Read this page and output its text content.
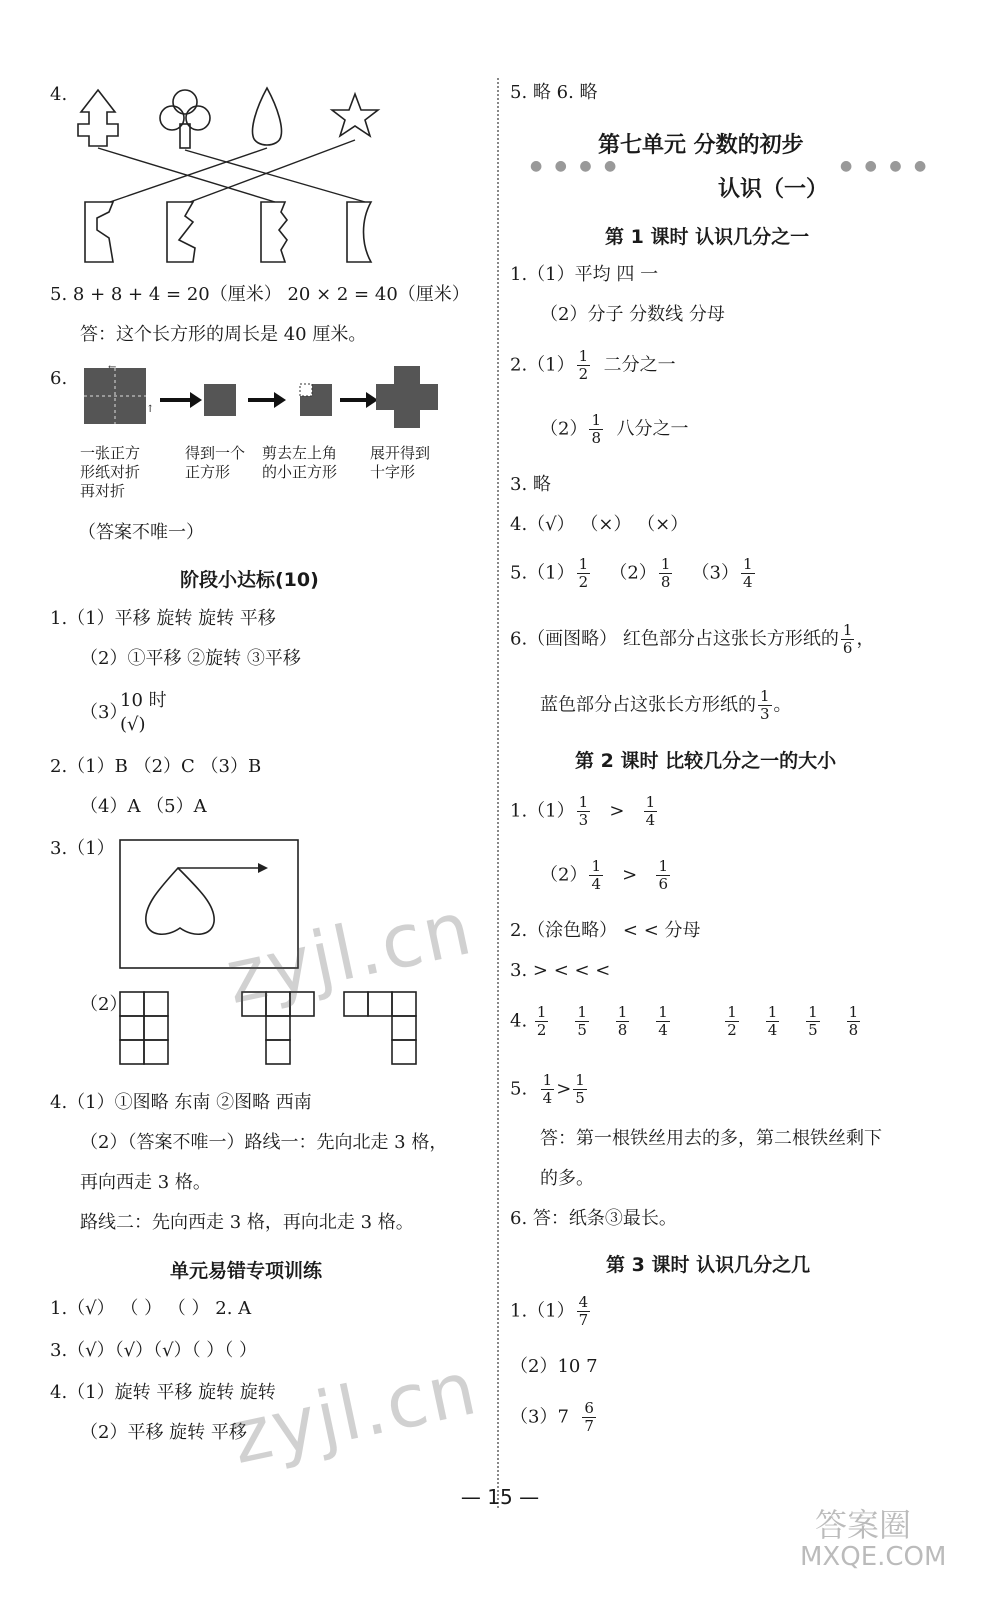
4.
5. 8 + 8 + 4 = 20（厘米） 20 × 2 = 40（厘米）
答：这个长方形的周长是 40 厘米。
6.
←
↑
一张正方
形纸对折
再对折
得到一个
正方形
剪去左上角
的小正方形
展开得到
十字形
（答案不唯一）
阶段小达标(10)
1.（1）平移 旋转 旋转 平移
（2）①平移 ②旋转 ③平移
（3）
10 时
(√)
2.（1）B （2）C （3）B
（4）A （5）A
3.（1）
（2）
4.（1）①图略 东南 ②图略 西南
（2）（答案不唯一）路线一：先向北走 3 格，
再向西走 3 格。
路线二：先向西走 3 格，再向北走 3 格。
单元易错专项训练
1.（√） （ ） （ ） 2. A
3.（√）（√）（√）（ ）（ ）
4.（1）旋转 平移 旋转 旋转
（2）平移 旋转 平移
5. 略 6. 略
第七单元 分数的初步
● ● ● ●	● ● ● ●
认识（一）
第 1 课时 认识几分之一
1.（1）平均 四 一
（2）分子 分数线 分母
$2.(1) \frac{1}{2}$ 二分之一
$(2) \frac{1}{8}$ 八分之一
3. 略
4.（√） （×） （×）
$5.(1) \frac{1}{2} (2) \frac{1}{8} (3) \frac{1}{4}$
6.（画图略） 红色部分占这张长方形纸的 $\frac{1}{6}$ ，
蓝色部分占这张长方形纸的 $\frac{1}{3}$ 。
第 2 课时 比较几分之一的大小
$1.(1) \frac{1}{3} > \frac{1}{4}$
$(2) \frac{1}{4} > \frac{1}{6}$
2.（涂色略） < < 分母
3. > < < <
4. $\frac{1}{2}$
$\frac{1}{5}$
$\frac{1}{8}$
$\frac{1}{4}$
	$\frac{1}{2}$
$\frac{1}{4}$
$\frac{1}{5}$
$\frac{1}{8}$
5. $\frac{1}{4} > \frac{1}{5}$
答：第一根铁丝用去的多，第二根铁丝剩下
的多。
6. 答：纸条③最长。
第 3 课时 认识几分之几
$1.(1) \frac{4}{7}$
（2）10 7
$(3)7 \frac{6}{7}$
— 15 —
zyjl.cn
zyjl.cn
答案圈
MXQE.COM
